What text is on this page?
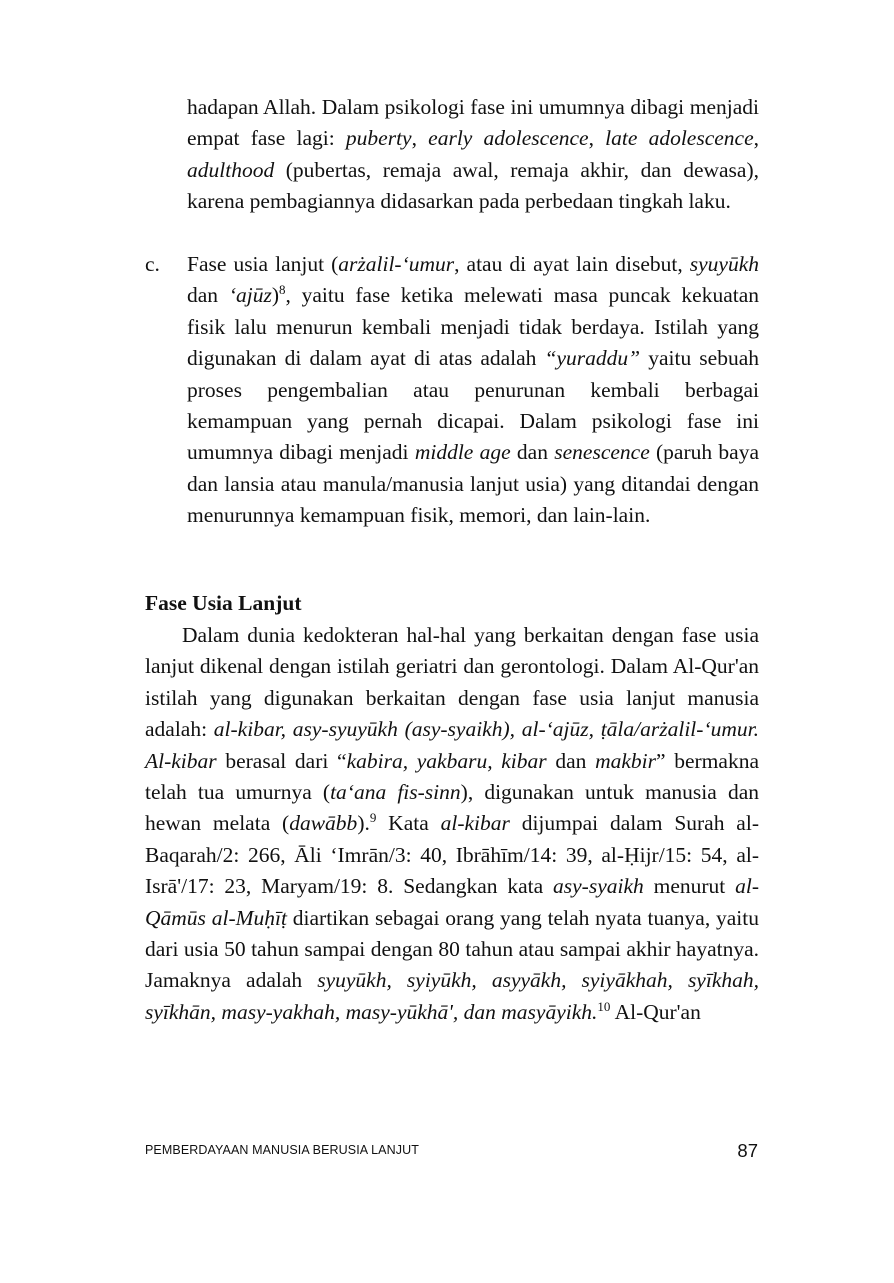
hadapan Allah. Dalam psikologi fase ini umumnya dibagi menjadi empat fase lagi: puberty, early adolescence, late adolescence, adulthood (pubertas, remaja awal, remaja akhir, dan dewasa), karena pembagiannya didasarkan pada perbedaan tingkah laku.

c. Fase usia lanjut (arżalil-‘umur, atau di ayat lain disebut, syuyūkh dan ‘ajūz)$^8$, yaitu fase ketika melewati masa puncak kekuatan fisik lalu menurun kembali menjadi tidak berdaya. Istilah yang digunakan di dalam ayat di atas adalah “yuraddu” yaitu sebuah proses pengembalian atau penurunan kembali berbagai kemampuan yang pernah dicapai. Dalam psikologi fase ini umumnya dibagi menjadi middle age dan senescence (paruh baya dan lansia atau manula/manusia lanjut usia) yang ditandai dengan menurunnya kemampuan fisik, memori, dan lain-lain.

Fase Usia Lanjut

Dalam dunia kedokteran hal-hal yang berkaitan dengan fase usia lanjut dikenal dengan istilah geriatri dan gerontologi. Dalam Al-Qur'an istilah yang digunakan berkaitan dengan fase usia lanjut manusia adalah: al-kibar, asy-syuyūkh (asy-syaikh), al-‘ajūz, ṭāla/arżalil-‘umur. Al-kibar berasal dari “kabira, yakbaru, kibar dan makbir” bermakna telah tua umurnya (ta‘ana fis-sinn), digunakan untuk manusia dan hewan melata (dawābb).$^9$ Kata al-kibar dijumpai dalam Surah al-Baqarah/2: 266, Āli ‘Imrān/3: 40, Ibrāhīm/14: 39, al-Ḥijr/15: 54, al-Isrā'/17: 23, Maryam/19: 8. Sedangkan kata asy-syaikh menurut al-Qāmūs al-Muḥīṭ diartikan sebagai orang yang telah nyata tuanya, yaitu dari usia 50 tahun sampai dengan 80 tahun atau sampai akhir hayatnya. Jamaknya adalah syuyūkh, syiyūkh, asyyākh, syiyākhah, syīkhah, syīkhān, masy-yakhah, masy-yūkhā', dan masyāyikh.$^{10}$ Al-Qur'an

PEMBERDAYAAN MANUSIA BERUSIA LANJUT	87
